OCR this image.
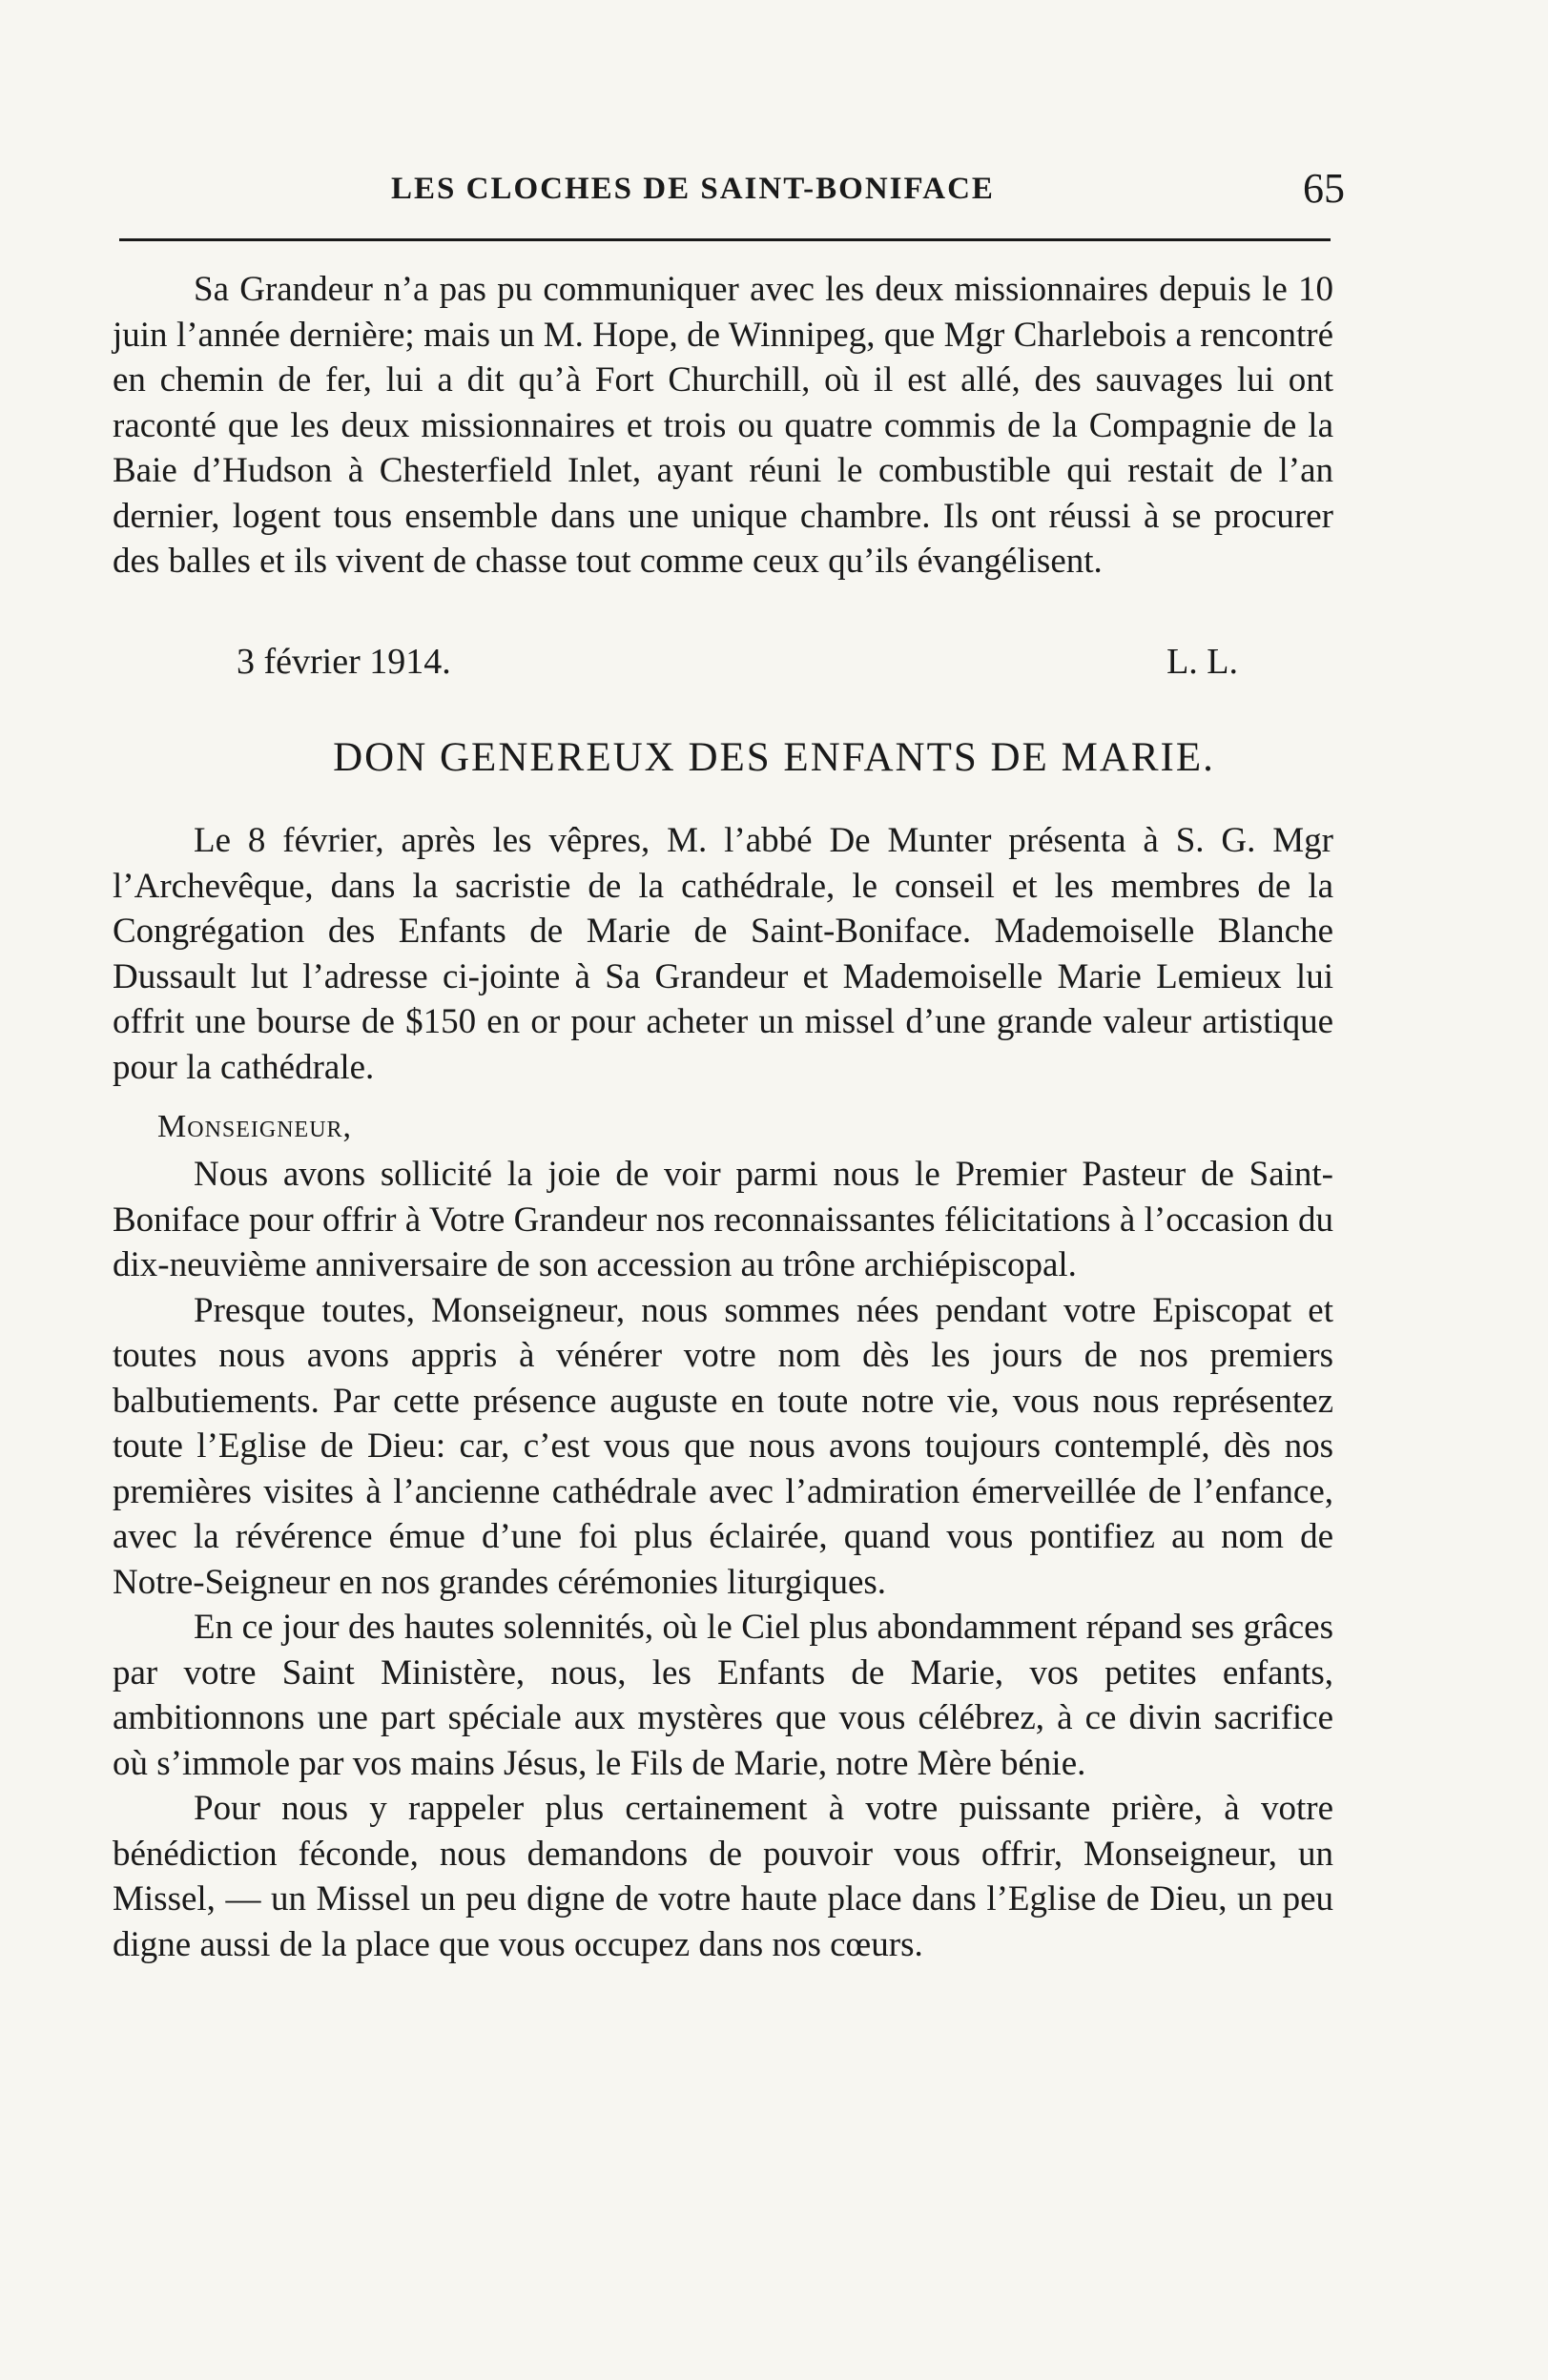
LES CLOCHES DE SAINT-BONIFACE	65

Sa Grandeur n’a pas pu communiquer avec les deux missionnaires depuis le 10 juin l’année dernière; mais un M. Hope, de Winnipeg, que Mgr Charlebois a rencontré en chemin de fer, lui a dit qu’à Fort Churchill, où il est allé, des sauvages lui ont raconté que les deux missionnaires et trois ou quatre commis de la Compagnie de la Baie d’Hudson à Chesterfield Inlet, ayant réuni le combustible qui restait de l’an dernier, logent tous ensemble dans une unique chambre. Ils ont réussi à se procurer des balles et ils vivent de chasse tout comme ceux qu’ils évangélisent.

3 février 1914.	L. L.
DON GENEREUX DES ENFANTS DE MARIE.

Le 8 février, après les vêpres, M. l’abbé De Munter présenta à S. G. Mgr l’Archevêque, dans la sacristie de la cathédrale, le conseil et les membres de la Congrégation des Enfants de Marie de Saint-Boniface. Mademoiselle Blanche Dussault lut l’adresse ci-jointe à Sa Grandeur et Mademoiselle Marie Lemieux lui offrit une bourse de $150 en or pour acheter un missel d’une grande valeur artistique pour la cathédrale.

Monseigneur,

Nous avons sollicité la joie de voir parmi nous le Premier Pasteur de Saint-Boniface pour offrir à Votre Grandeur nos reconnaissantes félicitations à l’occasion du dix-neuvième anniversaire de son accession au trône archiépiscopal.

Presque toutes, Monseigneur, nous sommes nées pendant votre Episcopat et toutes nous avons appris à vénérer votre nom dès les jours de nos premiers balbutiements. Par cette présence auguste en toute notre vie, vous nous représentez toute l’Eglise de Dieu: car, c’est vous que nous avons toujours contemplé, dès nos premières visites à l’ancienne cathédrale avec l’admiration émerveillée de l’enfance, avec la révérence émue d’une foi plus éclairée, quand vous pontifiez au nom de Notre-Seigneur en nos grandes cérémonies liturgiques.

En ce jour des hautes solennités, où le Ciel plus abondamment répand ses grâces par votre Saint Ministère, nous, les Enfants de Marie, vos petites enfants, ambitionnons une part spéciale aux mystères que vous célébrez, à ce divin sacrifice où s’immole par vos mains Jésus, le Fils de Marie, notre Mère bénie.

Pour nous y rappeler plus certainement à votre puissante prière, à votre bénédiction féconde, nous demandons de pouvoir vous offrir, Monseigneur, un Missel, — un Missel un peu digne de votre haute place dans l’Eglise de Dieu, un peu digne aussi de la place que vous occupez dans nos cœurs.
